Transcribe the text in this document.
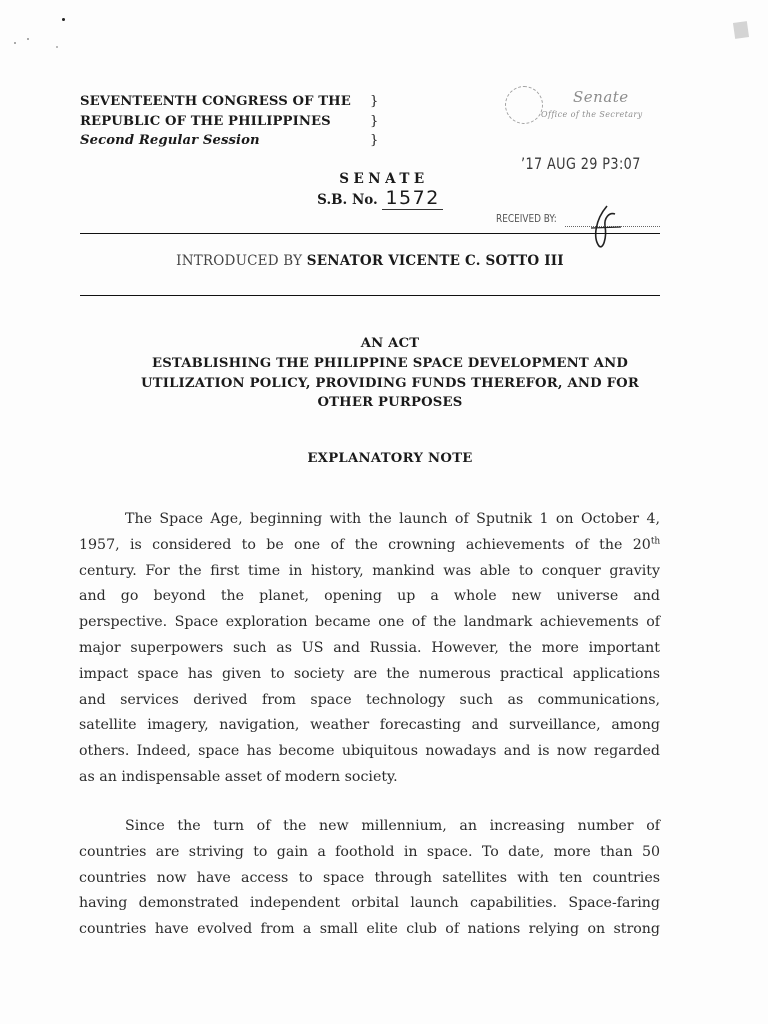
SEVENTEENTH CONGRESS OF THE }
REPUBLIC OF THE PHILIPPINES	}
Second Regular Session	}
Senate
Office of the Secretary
’17 AUG 29 P3:07
RECEIVED BY:
SENATE
S.B. No. 1572
INTRODUCED BY SENATOR VICENTE C. SOTTO III
AN ACT
ESTABLISHING THE PHILIPPINE SPACE DEVELOPMENT AND
UTILIZATION POLICY, PROVIDING FUNDS THEREFOR, AND FOR
OTHER PURPOSES
EXPLANATORY NOTE
The Space Age, beginning with the launch of Sputnik 1 on October 4,
1957, is considered to be one of the crowning achievements of the 20th
century. For the first time in history, mankind was able to conquer gravity
and go beyond the planet, opening up a whole new universe and
perspective. Space exploration became one of the landmark achievements of
major superpowers such as US and Russia. However, the more important
impact space has given to society are the numerous practical applications
and services derived from space technology such as communications,
satellite imagery, navigation, weather forecasting and surveillance, among
others. Indeed, space has become ubiquitous nowadays and is now regarded
as an indispensable asset of modern society.
Since the turn of the new millennium, an increasing number of
countries are striving to gain a foothold in space. To date, more than 50
countries now have access to space through satellites with ten countries
having demonstrated independent orbital launch capabilities. Space-faring
countries have evolved from a small elite club of nations relying on strong
